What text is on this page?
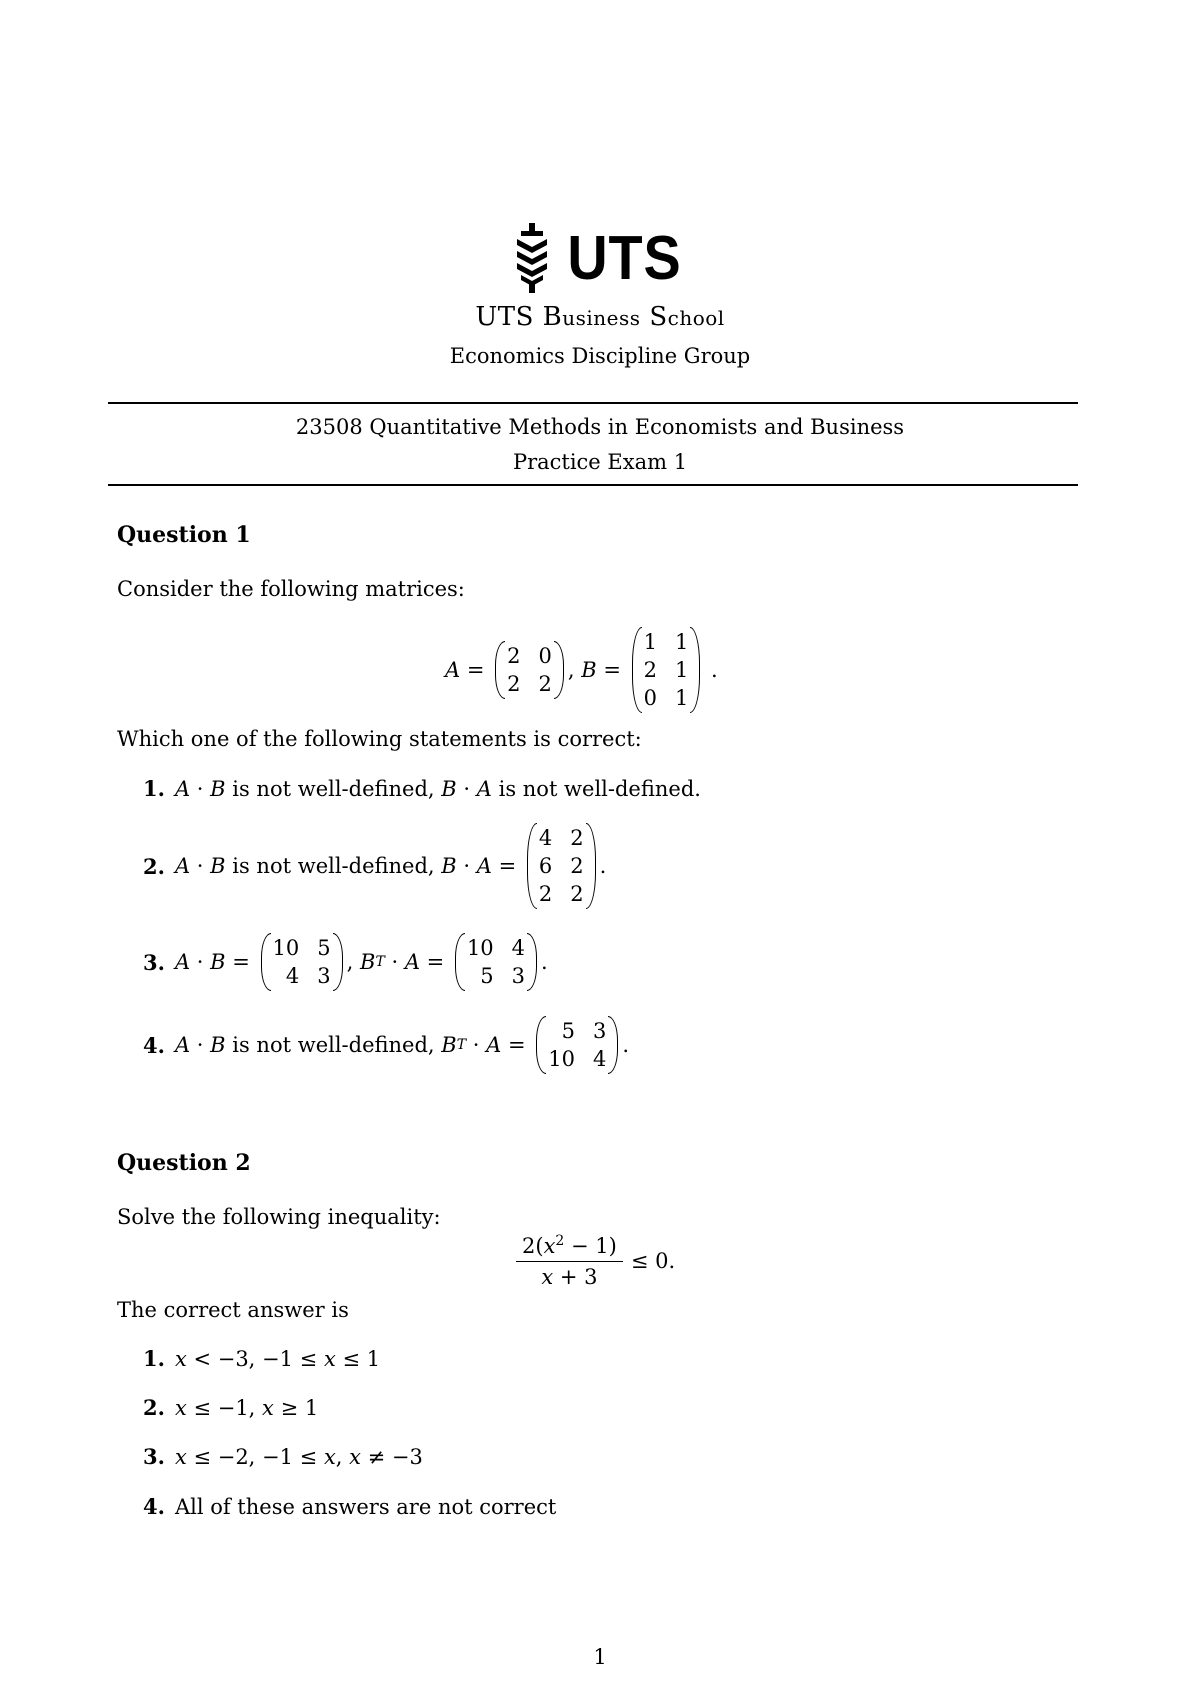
UTS
UTS Business School
Economics Discipline Group
23508 Quantitative Methods in Economists and Business
Practice Exam 1
Question 1
Consider the following matrices:
A =
2 0
2 2
, B =
1 1
2 1
0 1
.
Which one of the following statements is correct:
1. A · B
is not well-defined , B · A
is not well-defined .
2. A · B
is not well-defined , B · A =
4 2
6 2
2 2
.
3. A · B =
10 5
4 3
, B T · A =
10 4
5 3
.
4. A · B
is not well-defined , B T · A =
5 3
10 4
.
Question 2
Solve the following inequality:
$\frac{2(x^2 - 1)}{x + 3} \le 0$.
The correct answer is
1. x < −3, −1 ≤ x ≤ 1
2. x ≤ −1, x ≥ 1
3. x ≤ −2, −1 ≤ x , x ≠ −3
4. All of these answers are not correct
1
